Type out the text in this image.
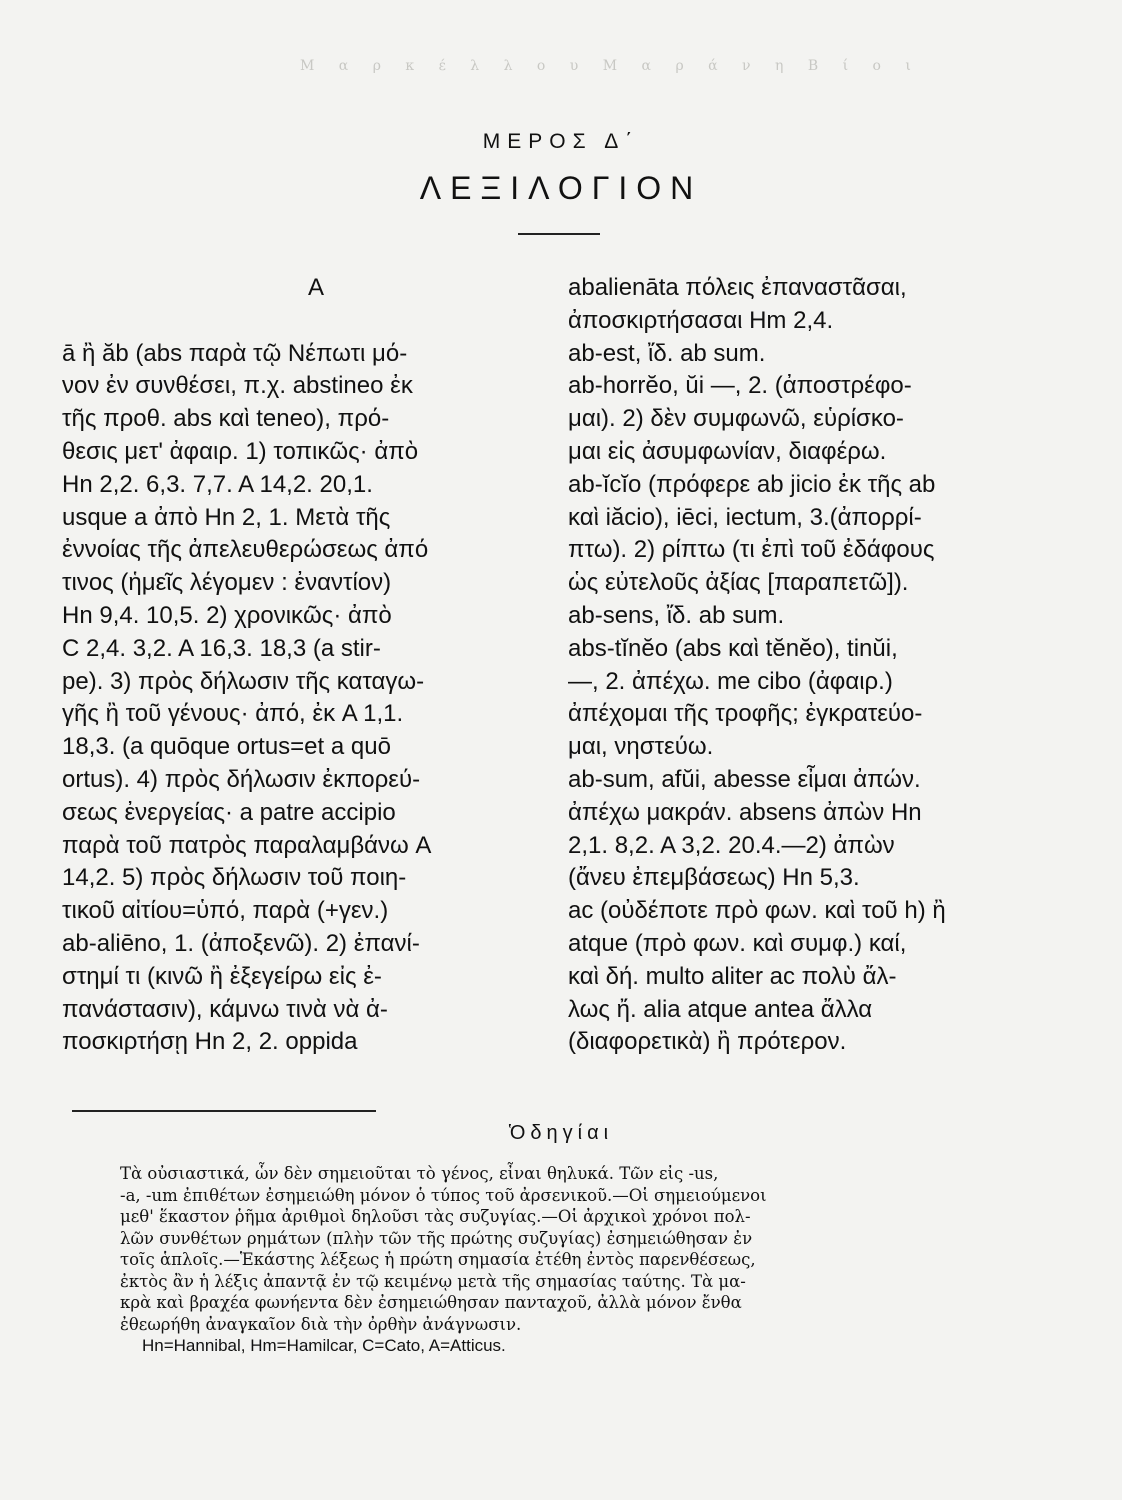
Μ α ρ κ έ λ λ ο υ Μ α ρ ά ν η Β ί ο ι
ΜΕΡΟΣ Δ΄
ΛΕΞΙΛΟΓΙΟΝ
Α

ā ἢ ăb (abs παρὰ τῷ Νέπωτι μό-
νον ἐν συνθέσει, π.χ. abstineo ἐκ
τῆς προθ. abs καὶ teneo), πρό-
θεσις μετ' ἀφαιρ. 1) τοπικῶς· ἀπὸ
Hn 2,2. 6,3. 7,7. A 14,2. 20,1.
usque a ἀπὸ Hn 2, 1. Μετὰ τῆς
ἐννοίας τῆς ἀπελευθερώσεως ἀπό
τινος (ἡμεῖς λέγομεν : ἐναντίον)
Hn 9,4. 10,5. 2) χρονικῶς· ἀπὸ
C 2,4. 3,2. A 16,3. 18,3 (a stir-
pe). 3) πρὸς δήλωσιν τῆς καταγω-
γῆς ἢ τοῦ γένους· ἀπό, ἐκ A 1,1.
18,3. (a quōque ortus=et a quō
ortus). 4) πρὸς δήλωσιν ἐκπορεύ-
σεως ἐνεργείας· a patre accipio
παρὰ τοῦ πατρὸς παραλαμβάνω A
14,2. 5) πρὸς δήλωσιν τοῦ ποιη-
τικοῦ αἰτίου=ὑπό, παρὰ (+γεν.)
ab-aliēno, 1. (ἀποξενῶ). 2) ἐπανί-
στημί τι (κινῶ ἢ ἐξεγείρω εἰς ἐ-
πανάστασιν), κάμνω τινὰ νὰ ἀ-
ποσκιρτήσῃ Hn 2, 2. oppida
abalienāta πόλεις ἐπαναστᾶσαι,
ἀποσκιρτήσασαι Hm 2,4.
ab-est, ἴδ. ab sum.
ab-horrĕo, ŭi —, 2. (ἀποστρέφο-
μαι). 2) δὲν συμφωνῶ, εὑρίσκο-
μαι εἰς ἀσυμφωνίαν, διαφέρω.
ab-ĭcĭo (πρόφερε ab jicio ἐκ τῆς ab
καὶ iăcio), iēci, iectum, 3.(ἀπορρί-
πτω). 2) ρίπτω (τι ἐπὶ τοῦ ἐδάφους
ὡς εὐτελοῦς ἀξίας [παραπετῶ]).
ab-sens, ἴδ. ab sum.
abs-tĭnĕo (abs καὶ tĕnĕo), tinŭi,
—, 2. ἀπέχω. me cibo (ἀφαιρ.)
ἀπέχομαι τῆς τροφῆς; ἐγκρατεύο-
μαι, νηστεύω.
ab-sum, afŭi, abesse εἶμαι ἀπών.
ἀπέχω μακράν. absens ἀπὼν Hn
2,1. 8,2. A 3,2. 20.4.—2) ἀπὼν
(ἄνευ ἐπεμβάσεως) Hn 5,3.
ac (οὐδέποτε πρὸ φων. καὶ τοῦ h) ἢ
atque (πρὸ φων. καὶ συμφ.) καί,
καὶ δή. multo aliter ac πολὺ ἄλ-
λως ἤ. alia atque antea ἄλλα
(διαφορετικὰ) ἢ πρότερον.
Ὁδηγίαι
Τὰ οὐσιαστικά, ὧν δὲν σημειοῦται τὸ γένος, εἶναι θηλυκά. Τῶν εἰς -us,
-a, -um ἐπιθέτων ἐσημειώθη μόνον ὁ τύπος τοῦ ἀρσενικοῦ.—Οἱ σημειούμενοι
μεθ' ἕκαστον ῥῆμα ἀριθμοὶ δηλοῦσι τὰς συζυγίας.—Οἱ ἀρχικοὶ χρόνοι πολ-
λῶν συνθέτων ρημάτων (πλὴν τῶν τῆς πρώτης συζυγίας) ἐσημειώθησαν ἐν
τοῖς ἁπλοῖς.—Ἑκάστης λέξεως ἡ πρώτη σημασία ἐτέθη ἐντὸς παρενθέσεως,
ἐκτὸς ἂν ἡ λέξις ἀπαντᾷ ἐν τῷ κειμένῳ μετὰ τῆς σημασίας ταύτης. Τὰ μα-
κρὰ καὶ βραχέα φωνήεντα δὲν ἐσημειώθησαν πανταχοῦ, ἀλλὰ μόνον ἔνθα
ἐθεωρήθη ἀναγκαῖον διὰ τὴν ὀρθὴν ἀνάγνωσιν.
Hn=Hannibal, Hm=Hamilcar, C=Cato, A=Atticus.
